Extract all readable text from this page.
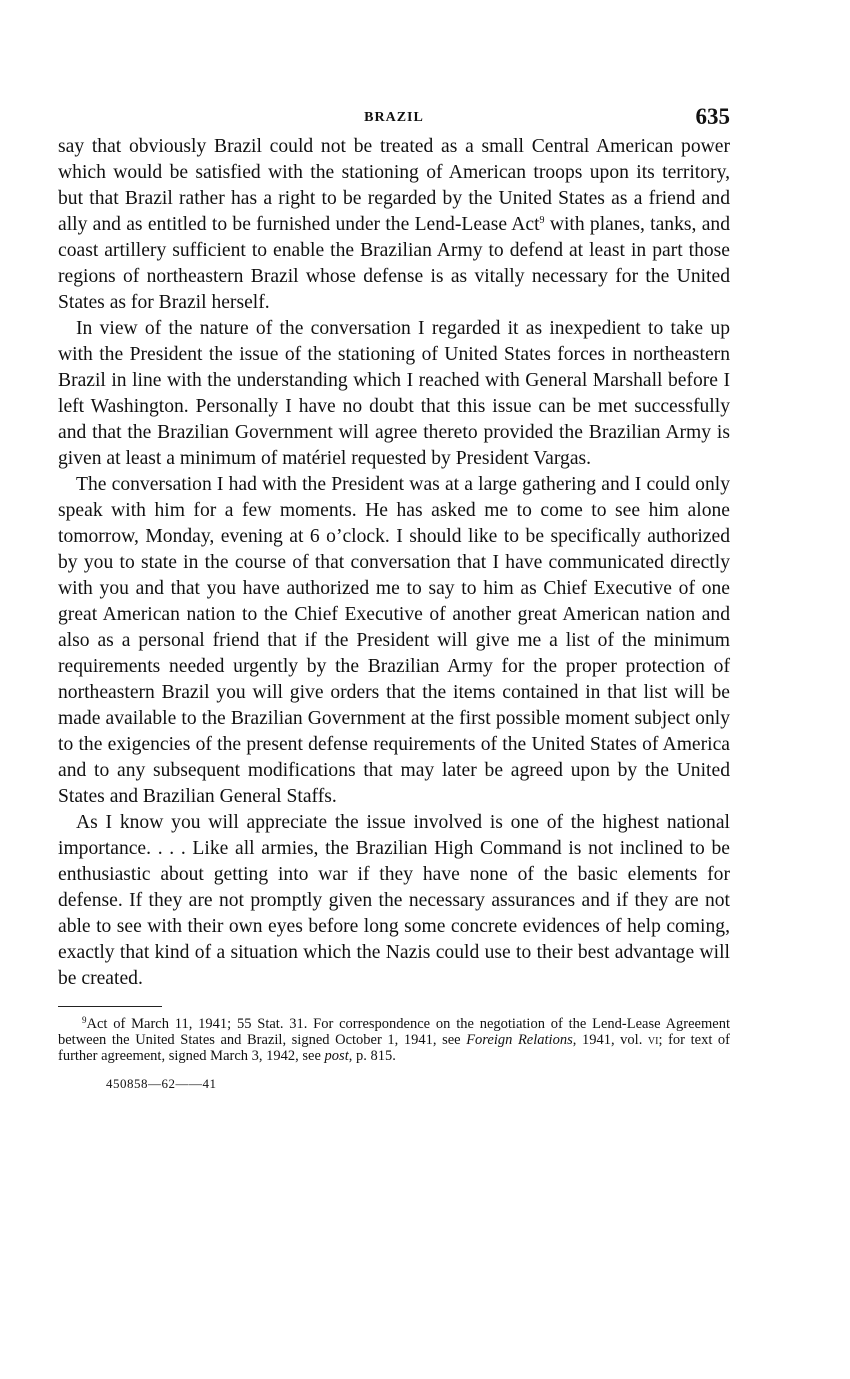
BRAZIL	635

say that obviously Brazil could not be treated as a small Central American power which would be satisfied with the stationing of American troops upon its territory, but that Brazil rather has a right to be regarded by the United States as a friend and ally and as entitled to be furnished under the Lend-Lease Act$^9$ with planes, tanks, and coast artillery sufficient to enable the Brazilian Army to defend at least in part those regions of northeastern Brazil whose defense is as vitally necessary for the United States as for Brazil herself.

In view of the nature of the conversation I regarded it as inexpedient to take up with the President the issue of the stationing of United States forces in northeastern Brazil in line with the understanding which I reached with General Marshall before I left Washington. Personally I have no doubt that this issue can be met successfully and that the Brazilian Government will agree thereto provided the Brazilian Army is given at least a minimum of matériel requested by President Vargas.

The conversation I had with the President was at a large gathering and I could only speak with him for a few moments. He has asked me to come to see him alone tomorrow, Monday, evening at 6 o’clock. I should like to be specifically authorized by you to state in the course of that conversation that I have communicated directly with you and that you have authorized me to say to him as Chief Executive of one great American nation to the Chief Executive of another great American nation and also as a personal friend that if the President will give me a list of the minimum requirements needed urgently by the Brazilian Army for the proper protection of northeastern Brazil you will give orders that the items contained in that list will be made available to the Brazilian Government at the first possible moment subject only to the exigencies of the present defense requirements of the United States of America and to any subsequent modifications that may later be agreed upon by the United States and Brazilian General Staffs.

As I know you will appreciate the issue involved is one of the highest national importance. . . . Like all armies, the Brazilian High Command is not inclined to be enthusiastic about getting into war if they have none of the basic elements for defense. If they are not promptly given the necessary assurances and if they are not able to see with their own eyes before long some concrete evidences of help coming, exactly that kind of a situation which the Nazis could use to their best advantage will be created.

$^9$Act of March 11, 1941; 55 Stat. 31. For correspondence on the negotiation of the Lend-Lease Agreement between the United States and Brazil, signed October 1, 1941, see Foreign Relations, 1941, vol. vi; for text of further agreement, signed March 3, 1942, see post, p. 815.

450858—62——41
